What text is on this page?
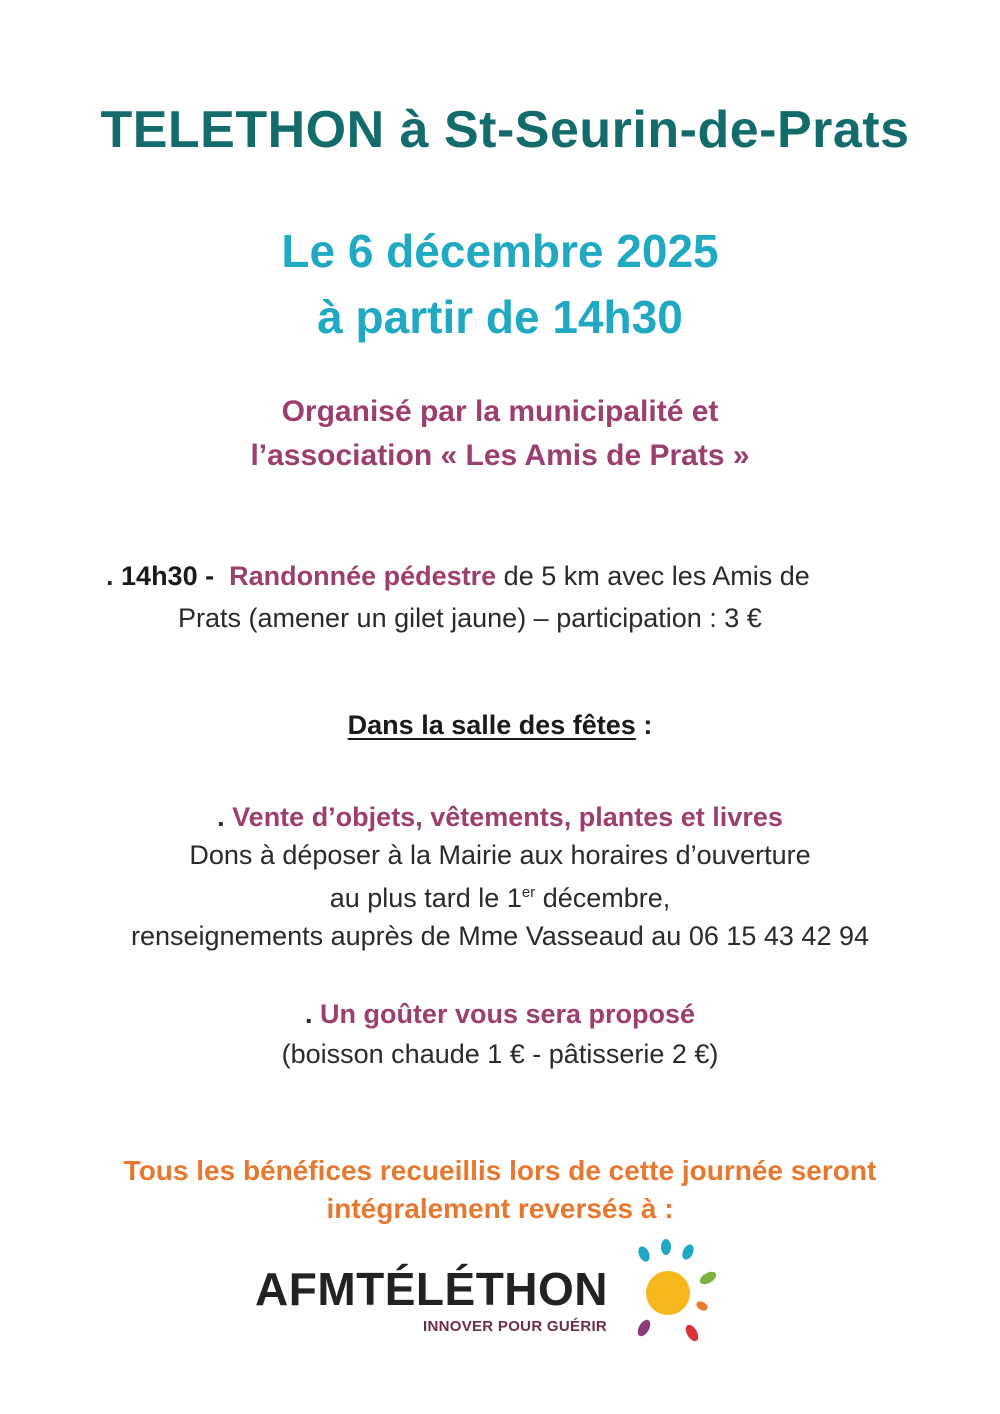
TELETHON à St-Seurin-de-Prats
Le 6 décembre 2025
à partir de 14h30
Organisé par la municipalité et
l’association « Les Amis de Prats »
. 14h30 - Randonnée pédestre de 5 km avec les Amis de
Prats (amener un gilet jaune) – participation : 3 €
Dans la salle des fêtes :
. Vente d’objets, vêtements, plantes et livres
Dons à déposer à la Mairie aux horaires d’ouverture
au plus tard le 1er décembre,
renseignements auprès de Mme Vasseaud au 06 15 43 42 94
. Un goûter vous sera proposé
(boisson chaude 1 € - pâtisserie 2 €)
Tous les bénéfices recueillis lors de cette journée seront
intégralement reversés à :
AFMTÉLÉTHON
INNOVER POUR GUÉRIR
